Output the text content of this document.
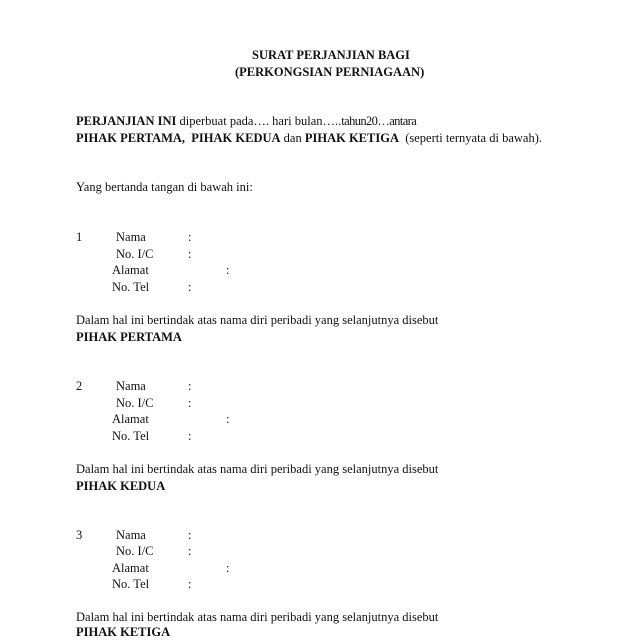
SURAT PERJANJIAN BAGI
(PERKONGSIAN PERNIAGAAN)
PERJANJIAN INI diperbuat pada…. hari bulan…..tahun20…antara
PIHAK PERTAMA, PIHAK KEDUA dan PIHAK KETIGA (seperti ternyata di bawah).
Yang bertanda tangan di bawah ini:
1	Nama	:
No. I/C	:
Alamat	:
No. Tel	:
Dalam hal ini bertindak atas nama diri peribadi yang selanjutnya disebut
PIHAK PERTAMA
2	Nama	:
No. I/C	:
Alamat	:
No. Tel	:
Dalam hal ini bertindak atas nama diri peribadi yang selanjutnya disebut
PIHAK KEDUA
3	Nama	:
No. I/C	:
Alamat	:
No. Tel	:
Dalam hal ini bertindak atas nama diri peribadi yang selanjutnya disebut
PIHAK KETIGA
